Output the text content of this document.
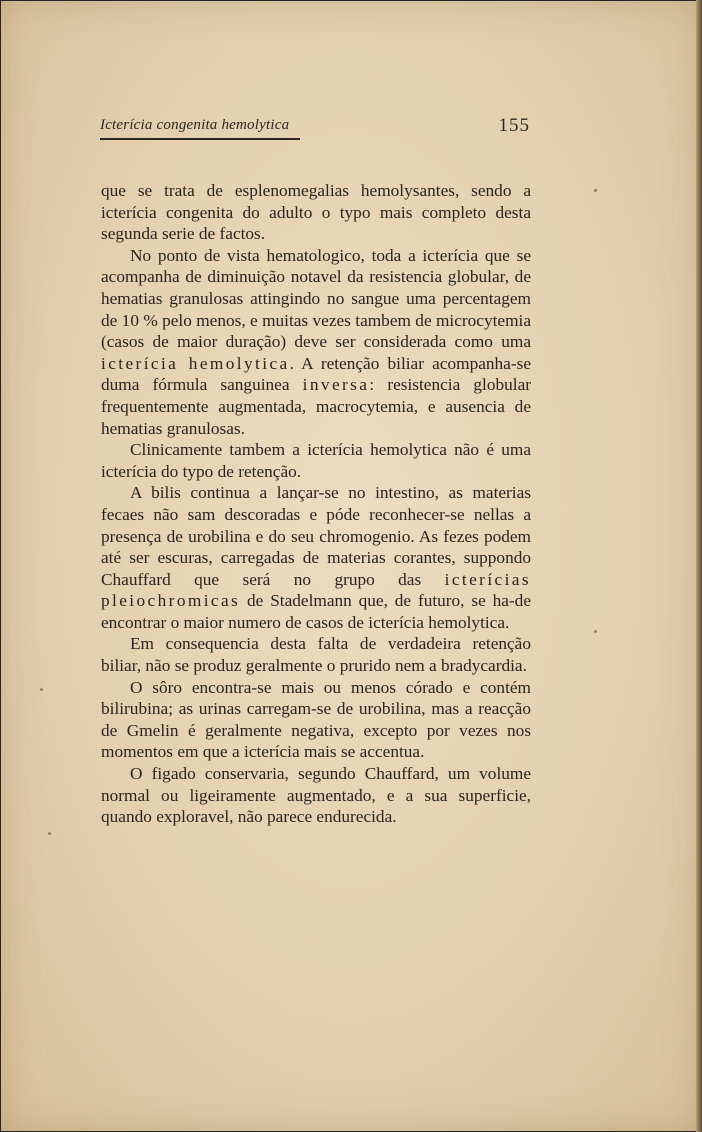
Icterícia congenita hemolytica	155

que se trata de esplenomegalias hemolysantes, sendo a icterícia congenita do adulto o typo mais completo desta segunda serie de factos.

No ponto de vista hematologico, toda a icterícia que se acompanha de diminuição notavel da resistencia globular, de hematias granulosas attingindo no sangue uma percentagem de 10 % pelo menos, e muitas vezes tambem de microcytemia (casos de maior duração) deve ser considerada como uma icterícia hemolytica. A retenção biliar acompanha-se duma fórmula sanguinea inversa: resistencia globular frequentemente augmentada, macrocytemia, e ausencia de hematias granulosas.

Clinicamente tambem a icterícia hemolytica não é uma icterícia do typo de retenção.

A bilis continua a lançar-se no intestino, as materias fecaes não sam descoradas e póde reconhecer-se nellas a presença de urobilina e do seu chromogenio. As fezes podem até ser escuras, carregadas de materias corantes, suppondo Chauffard que será no grupo das icterícias pleiochromicas de Stadelmann que, de futuro, se ha-de encontrar o maior numero de casos de icterícia hemolytica.

Em consequencia desta falta de verdadeira retenção biliar, não se produz geralmente o prurido nem a bradycardia.

O sôro encontra-se mais ou menos córado e contém bilirubina; as urinas carregam-se de urobilina, mas a reacção de Gmelin é geralmente negativa, excepto por vezes nos momentos em que a icterícia mais se accentua.

O figado conservaria, segundo Chauffard, um volume normal ou ligeiramente augmentado, e a sua superficie, quando exploravel, não parece endurecida.
